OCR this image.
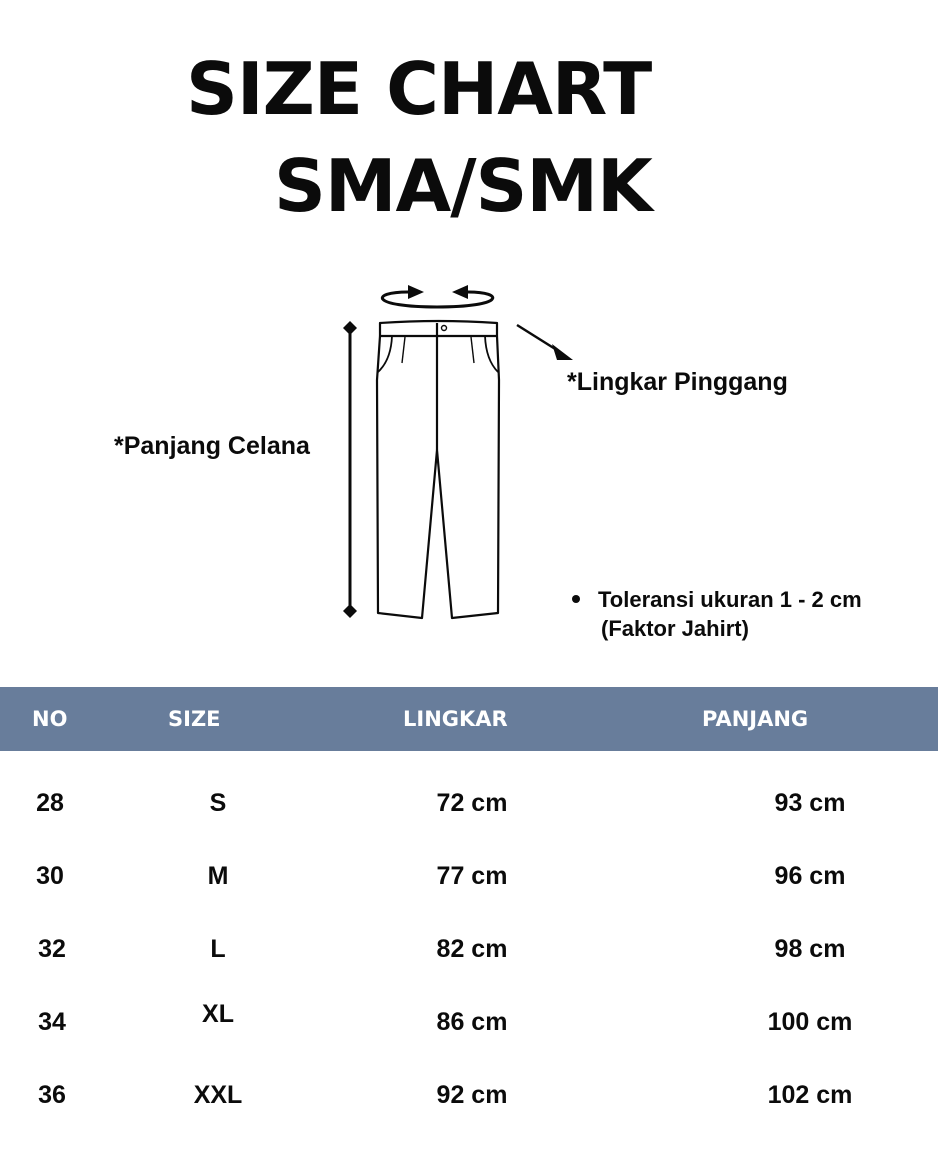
SIZE CHART
SMA/SMK
*Panjang Celana
*Lingkar Pinggang
Toleransi ukuran 1 - 2 cm
(Faktor Jahirt)
NO	SIZE	LINGKAR	PANJANG
28	S	72 cm	93 cm
30	M	77 cm	96 cm
32	L	82 cm	98 cm
34	XL	86 cm	100 cm
36	XXL	92 cm	102 cm
